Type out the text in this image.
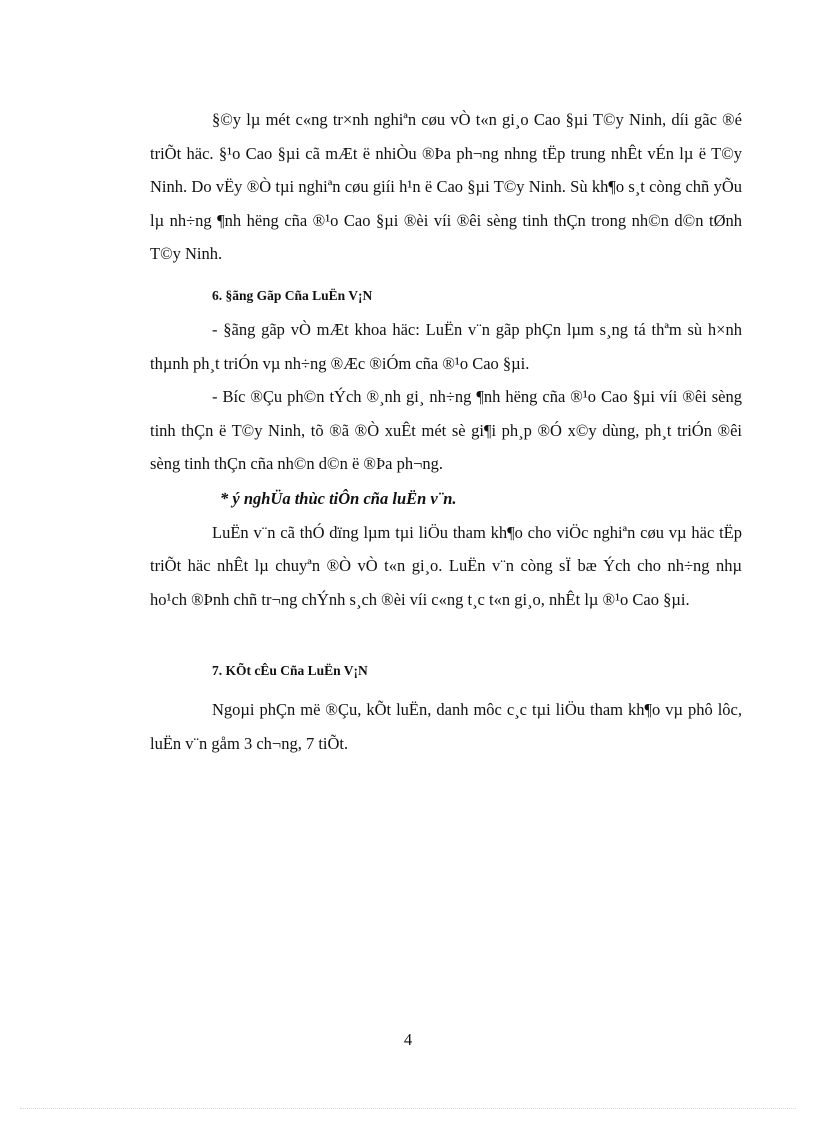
§©y lµ mét c«ng tr×nh nghiªn cøu vÒ t«n gi¸o Cao §µi T©y Ninh, díi gãc ®é triÕt häc. §¹o Cao §µi cã mÆt ë nhiÒu ®Þa ph¬ng nhng tËp trung nhÊt vÉn lµ ë T©y Ninh. Do vËy ®Ò tµi nghiªn cøu giíi h¹n ë Cao §µi T©y Ninh. Sù kh¶o s¸t còng chñ yÕu lµ nh÷ng ¶nh hëng cña ®¹o Cao §µi ®èi víi ®êi sèng tinh thÇn trong nh©n d©n tØnh T©y Ninh.

6. §ãng Gãp Cña LuËn V¡N

- §ãng gãp vÒ mÆt khoa häc: LuËn v¨n gãp phÇn lµm s¸ng tá thªm sù h×nh thµnh ph¸t triÓn vµ nh÷ng ®Æc ®iÓm cña ®¹o Cao §µi.

- Bíc ®Çu ph©n tÝch ®¸nh gi¸ nh÷ng ¶nh hëng cña ®¹o Cao §µi víi ®êi sèng tinh thÇn ë T©y Ninh, tõ ®ã ®Ò xuÊt mét sè gi¶i ph¸p ®Ó x©y dùng, ph¸t triÓn ®êi sèng tinh thÇn cña nh©n d©n ë ®Þa ph¬ng.

* ý nghÜa thùc tiÔn cña luËn v¨n.

LuËn v¨n cã thÓ dïng lµm tµi liÖu tham kh¶o cho viÖc nghiªn cøu vµ häc tËp triÕt häc nhÊt lµ chuyªn ®Ò vÒ t«n gi¸o. LuËn v¨n còng sÏ bæ Ých cho nh÷ng nhµ ho¹ch ®Þnh chñ tr¬ng chÝnh s¸ch ®èi víi c«ng t¸c t«n gi¸o, nhÊt lµ ®¹o Cao §µi.

7. KÕt cÊu Cña LuËn V¡N

Ngoµi phÇn më ®Çu, kÕt luËn, danh môc c¸c tµi liÖu tham kh¶o vµ phô lôc, luËn v¨n gåm 3 ch¬ng, 7 tiÕt.

4
